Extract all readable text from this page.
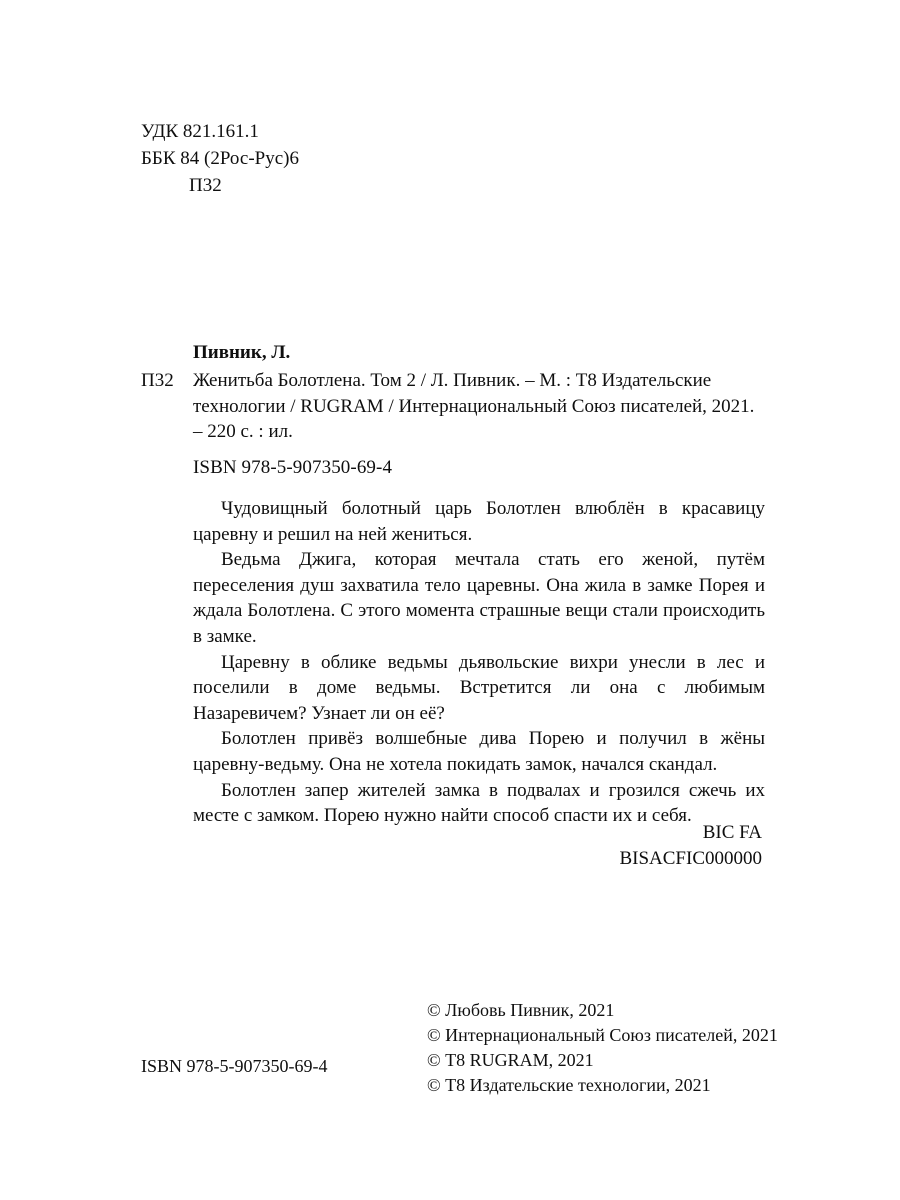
УДК 821.161.1
ББК 84 (2Рос-Рус)6
П32
Пивник, Л.
П32 Женитьба Болотлена. Том 2 / Л. Пивник. – М. : Т8 Издательские технологии / RUGRAM / Интернациональный Союз писателей, 2021. – 220 с. : ил.
ISBN 978-5-907350-69-4

Чудовищный болотный царь Болотлен влюблён в красавицу царевну и решил на ней жениться.

Ведьма Джига, которая мечтала стать его женой, путём переселения душ захватила тело царевны. Она жила в замке Порея и ждала Болотлена. С этого момента страшные вещи стали происходить в замке.

Царевну в облике ведьмы дьявольские вихри унесли в лес и поселили в доме ведьмы. Встретится ли она с любимым Назаревичем? Узнает ли он её?

Болотлен привёз волшебные дива Порею и получил в жёны царевну-ведьму. Она не хотела покидать замок, начался скандал.

Болотлен запер жителей замка в подвалах и грозился сжечь их месте с замком. Порею нужно найти способ спасти их и себя.

BIC FA
BISACFIC000000
© Любовь Пивник, 2021
© Интернациональный Союз писателей, 2021
© Т8 RUGRAM, 2021
© Т8 Издательские технологии, 2021
ISBN 978-5-907350-69-4
